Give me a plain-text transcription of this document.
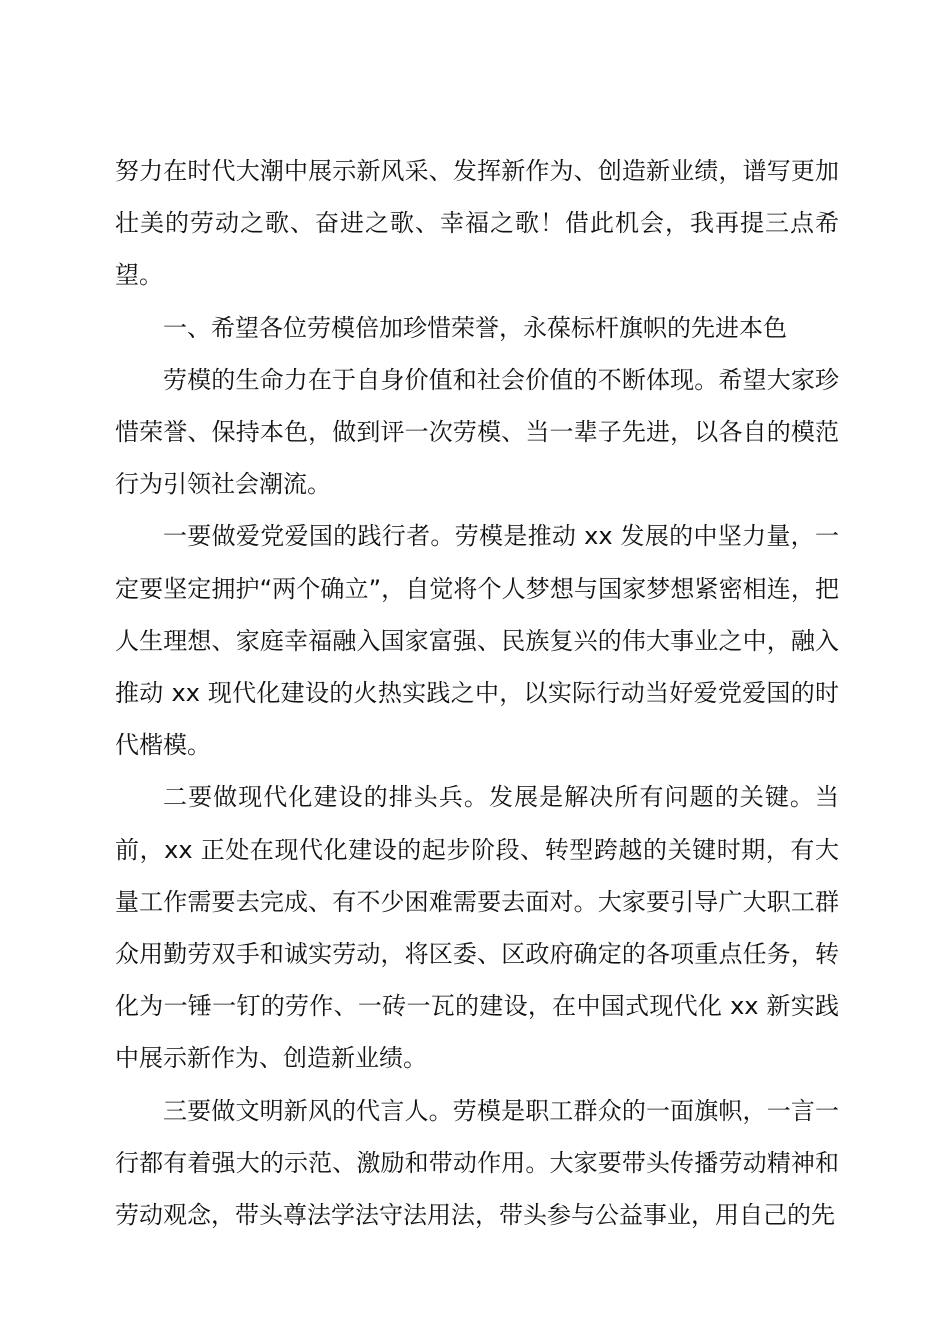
努力在时代大潮中展示新风采、发挥新作为、创造新业绩，谱写更加壮美的劳动之歌、奋进之歌、幸福之歌！借此机会，我再提三点希望。

一、希望各位劳模倍加珍惜荣誉，永葆标杆旗帜的先进本色

劳模的生命力在于自身价值和社会价值的不断体现。希望大家珍惜荣誉、保持本色，做到评一次劳模、当一辈子先进，以各自的模范行为引领社会潮流。

一要做爱党爱国的践行者。劳模是推动 xx 发展的中坚力量，一定要坚定拥护“两个确立”，自觉将个人梦想与国家梦想紧密相连，把人生理想、家庭幸福融入国家富强、民族复兴的伟大事业之中，融入推动 xx 现代化建设的火热实践之中，以实际行动当好爱党爱国的时代楷模。

二要做现代化建设的排头兵。发展是解决所有问题的关键。当前，xx 正处在现代化建设的起步阶段、转型跨越的关键时期，有大量工作需要去完成、有不少困难需要去面对。大家要引导广大职工群众用勤劳双手和诚实劳动，将区委、区政府确定的各项重点任务，转化为一锤一钉的劳作、一砖一瓦的建设，在中国式现代化 xx 新实践中展示新作为、创造新业绩。

三要做文明新风的代言人。劳模是职工群众的一面旗帜，一言一行都有着强大的示范、激励和带动作用。大家要带头传播劳动精神和劳动观念，带头尊法学法守法用法，带头参与公益事业，用自己的先
